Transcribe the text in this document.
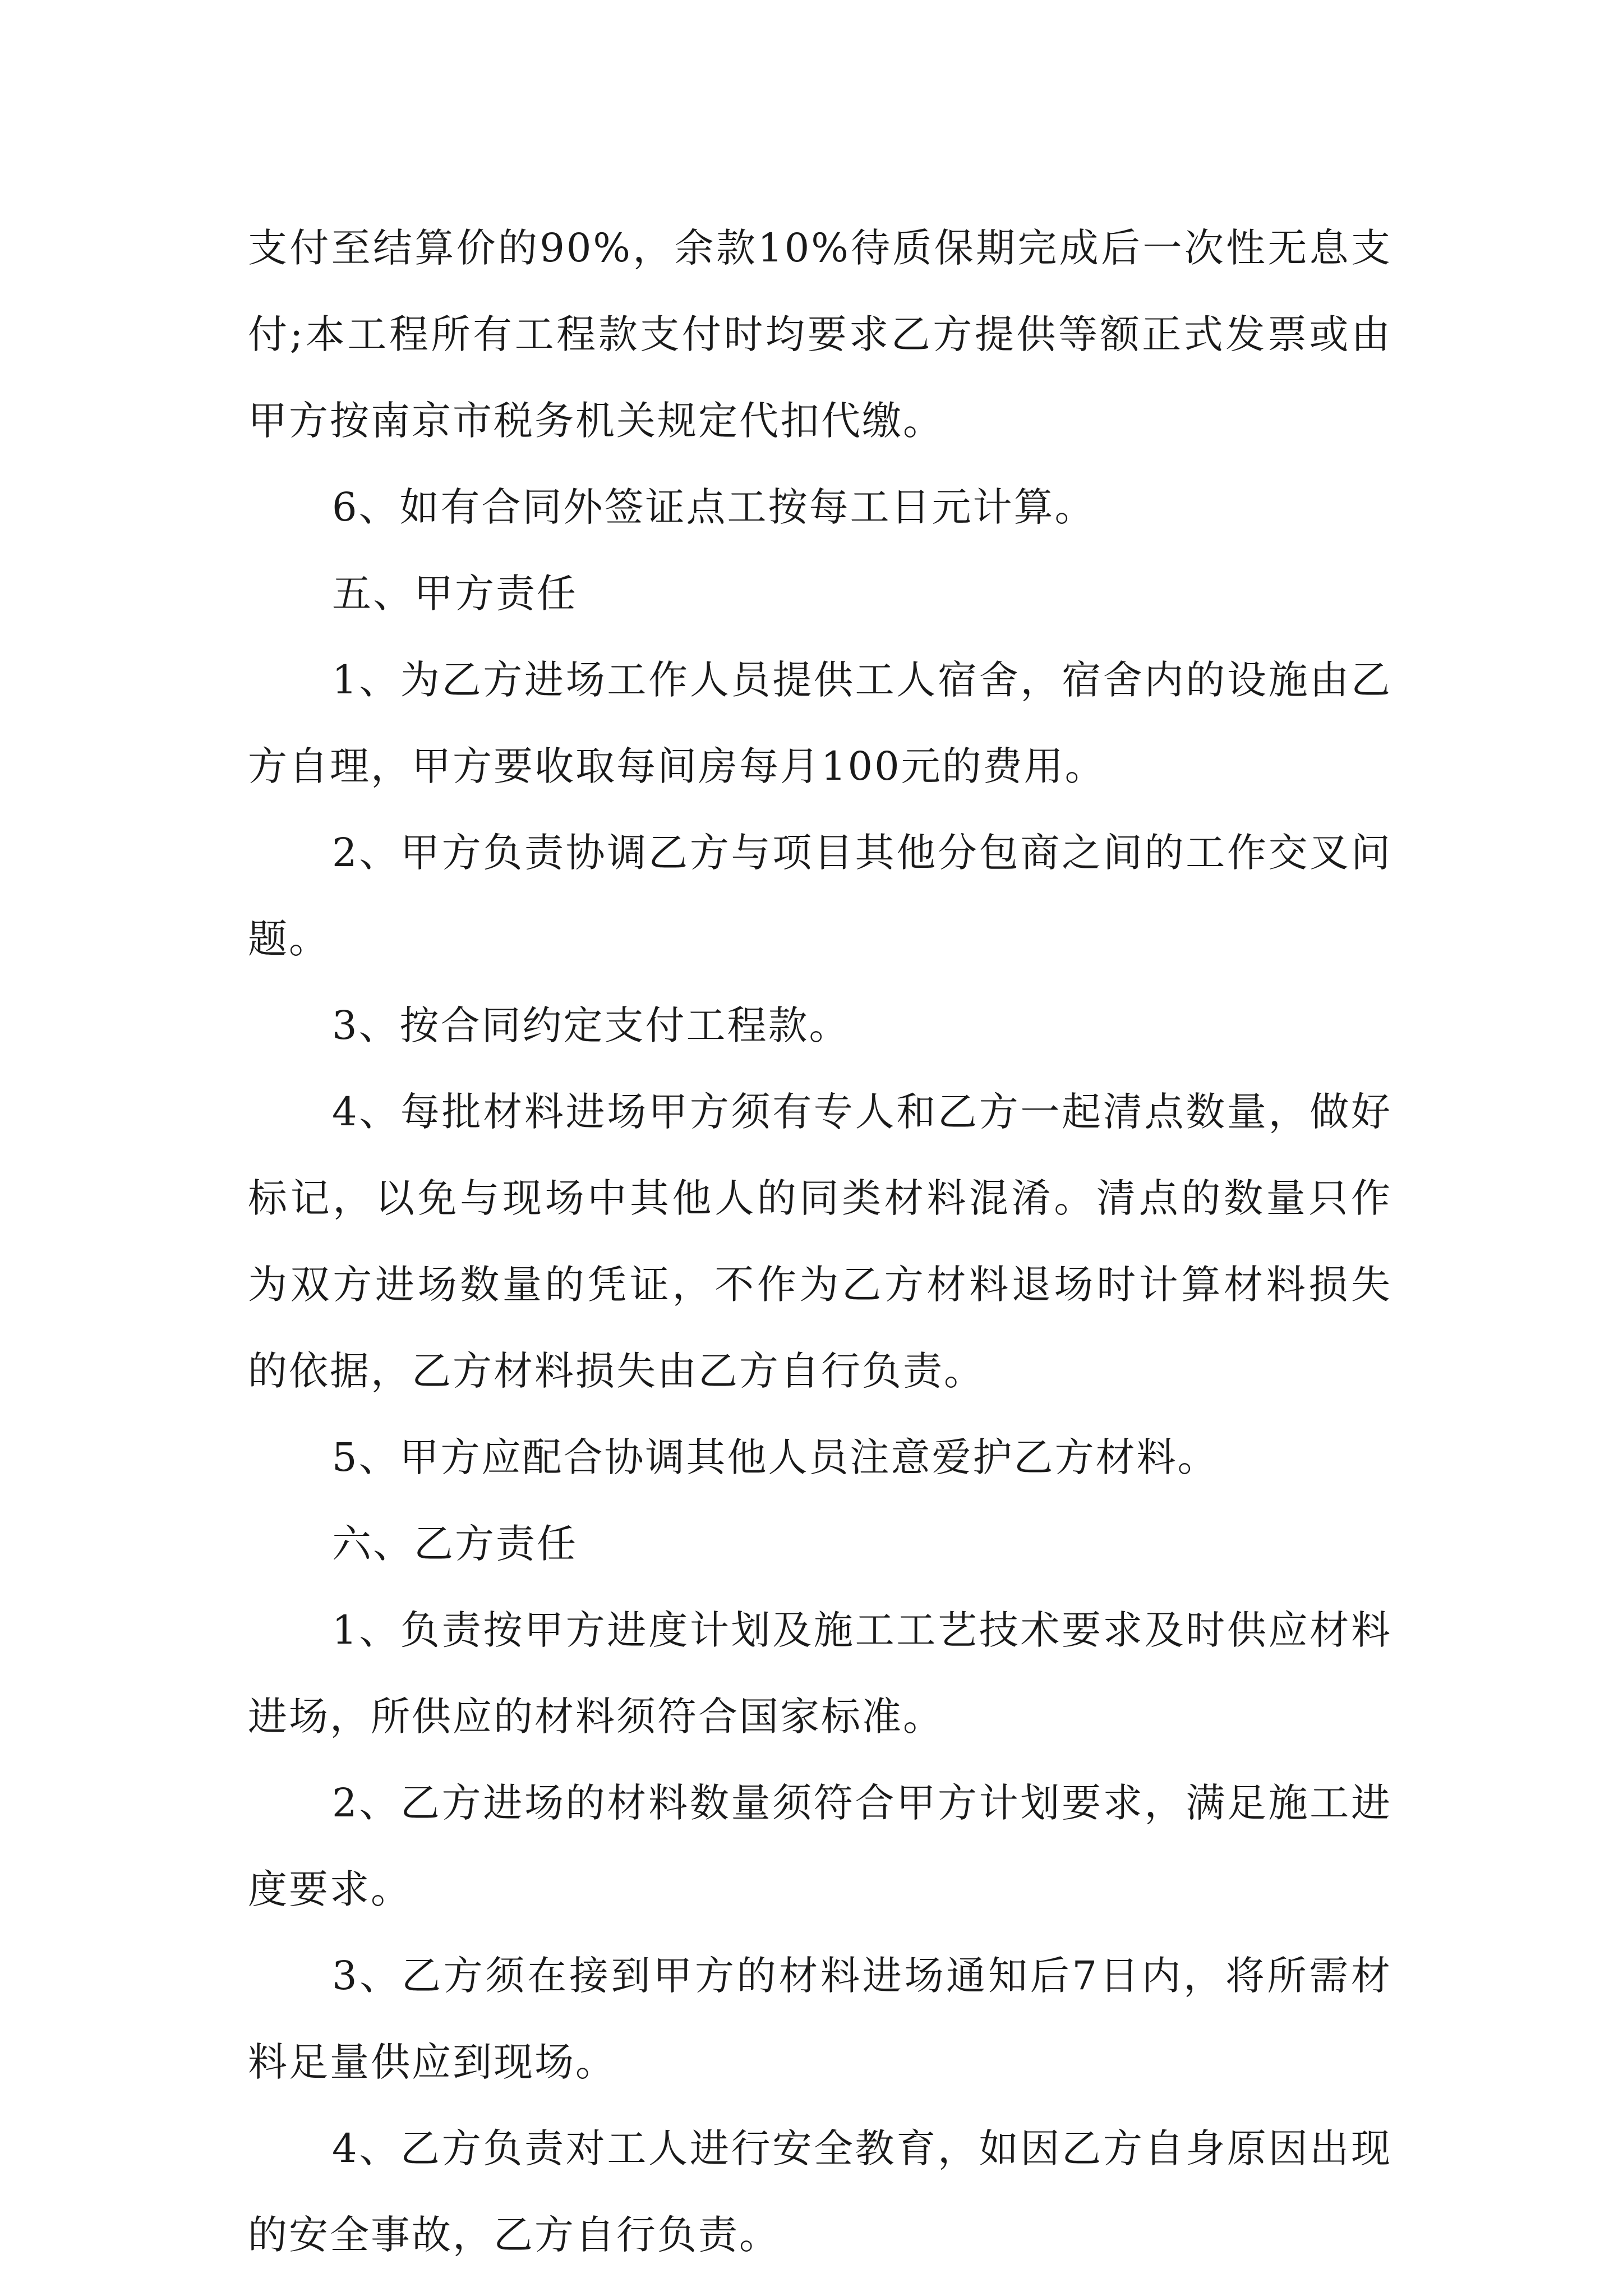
支付至结算价的90%，余款10%待质保期完成后一次性无息支付;本工程所有工程款支付时均要求乙方提供等额正式发票或由甲方按南京市税务机关规定代扣代缴。

6、如有合同外签证点工按每工日元计算。

五、甲方责任

1、为乙方进场工作人员提供工人宿舍，宿舍内的设施由乙方自理，甲方要收取每间房每月100元的费用。

2、甲方负责协调乙方与项目其他分包商之间的工作交叉问题。

3、按合同约定支付工程款。

4、每批材料进场甲方须有专人和乙方一起清点数量，做好标记，以免与现场中其他人的同类材料混淆。清点的数量只作为双方进场数量的凭证，不作为乙方材料退场时计算材料损失的依据，乙方材料损失由乙方自行负责。

5、甲方应配合协调其他人员注意爱护乙方材料。

六、乙方责任

1、负责按甲方进度计划及施工工艺技术要求及时供应材料进场，所供应的材料须符合国家标准。

2、乙方进场的材料数量须符合甲方计划要求，满足施工进度要求。

3、乙方须在接到甲方的材料进场通知后7日内，将所需材料足量供应到现场。

4、乙方负责对工人进行安全教育，如因乙方自身原因出现的安全事故，乙方自行负责。
